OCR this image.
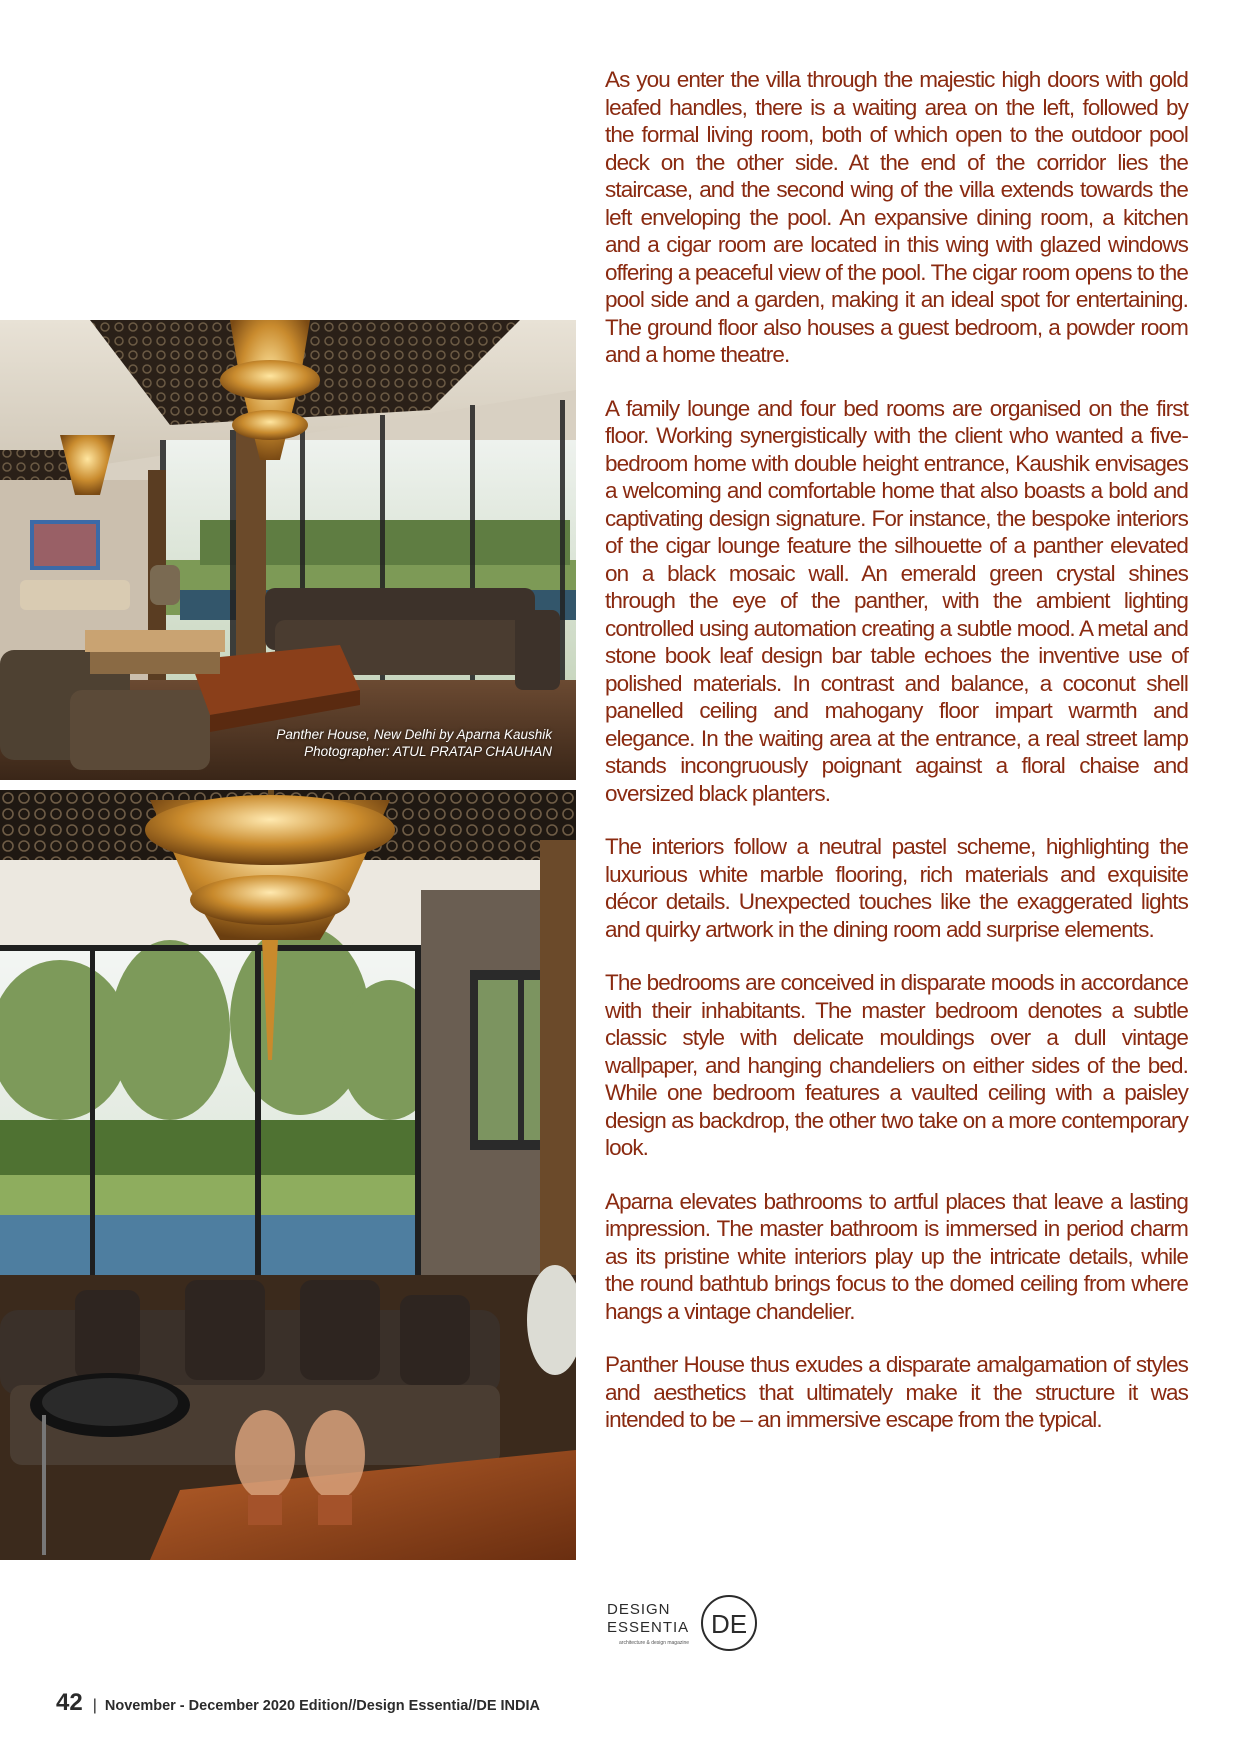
Panther House, New Delhi by Aparna Kaushik
Photographer: ATUL PRATAP CHAUHAN

As you enter the villa through the majestic high doors with gold leafed handles, there is a waiting area on the left, followed by the formal living room, both of which open to the outdoor pool deck on the other side. At the end of the corridor lies the staircase, and the second wing of the villa extends towards the left enveloping the pool. An expansive dining room, a kitchen and a cigar room are located in this wing with glazed windows offering a peaceful view of the pool. The cigar room opens to the pool side and a garden, making it an ideal spot for entertaining. The ground floor also houses a guest bedroom, a powder room and a home theatre.

A family lounge and four bed rooms are organised on the first floor. Working synergistically with the client who wanted a five-bedroom home with double height entrance, Kaushik envisages a welcoming and comfortable home that also boasts a bold and captivating design signature. For instance, the bespoke interiors of the cigar lounge feature the silhouette of a panther elevated on a black mosaic wall. An emerald green crystal shines through the eye of the panther, with the ambient lighting controlled using automation creating a subtle mood. A metal and stone book leaf design bar table echoes the inventive use of polished materials. In contrast and balance, a coconut shell panelled ceiling and mahogany floor impart warmth and elegance. In the waiting area at the entrance, a real street lamp stands incongruously poignant against a floral chaise and oversized black planters.

The interiors follow a neutral pastel scheme, highlighting the luxurious white marble flooring, rich materials and exquisite décor details. Unexpected touches like the exaggerated lights and quirky artwork in the dining room add surprise elements.

The bedrooms are conceived in disparate moods in accordance with their inhabitants. The master bedroom denotes a subtle classic style with delicate mouldings over a dull vintage wallpaper, and hanging chandeliers on either sides of the bed. While one bedroom features a vaulted ceiling with a paisley design as backdrop, the other two take on a more contemporary look.

Aparna elevates bathrooms to artful places that leave a lasting impression. The master bathroom is immersed in period charm as its pristine white interiors play up the intricate details, while the round bathtub brings focus to the domed ceiling from where hangs a vintage chandelier.

Panther House thus exudes a disparate amalgamation of styles and aesthetics that ultimately make it the structure it was intended to be – an immersive escape from the typical.

DESIGN
ESSENTIA
architecture & design magazine
DE
42 | November - December 2020 Edition// Design Essentia//DE INDIA
